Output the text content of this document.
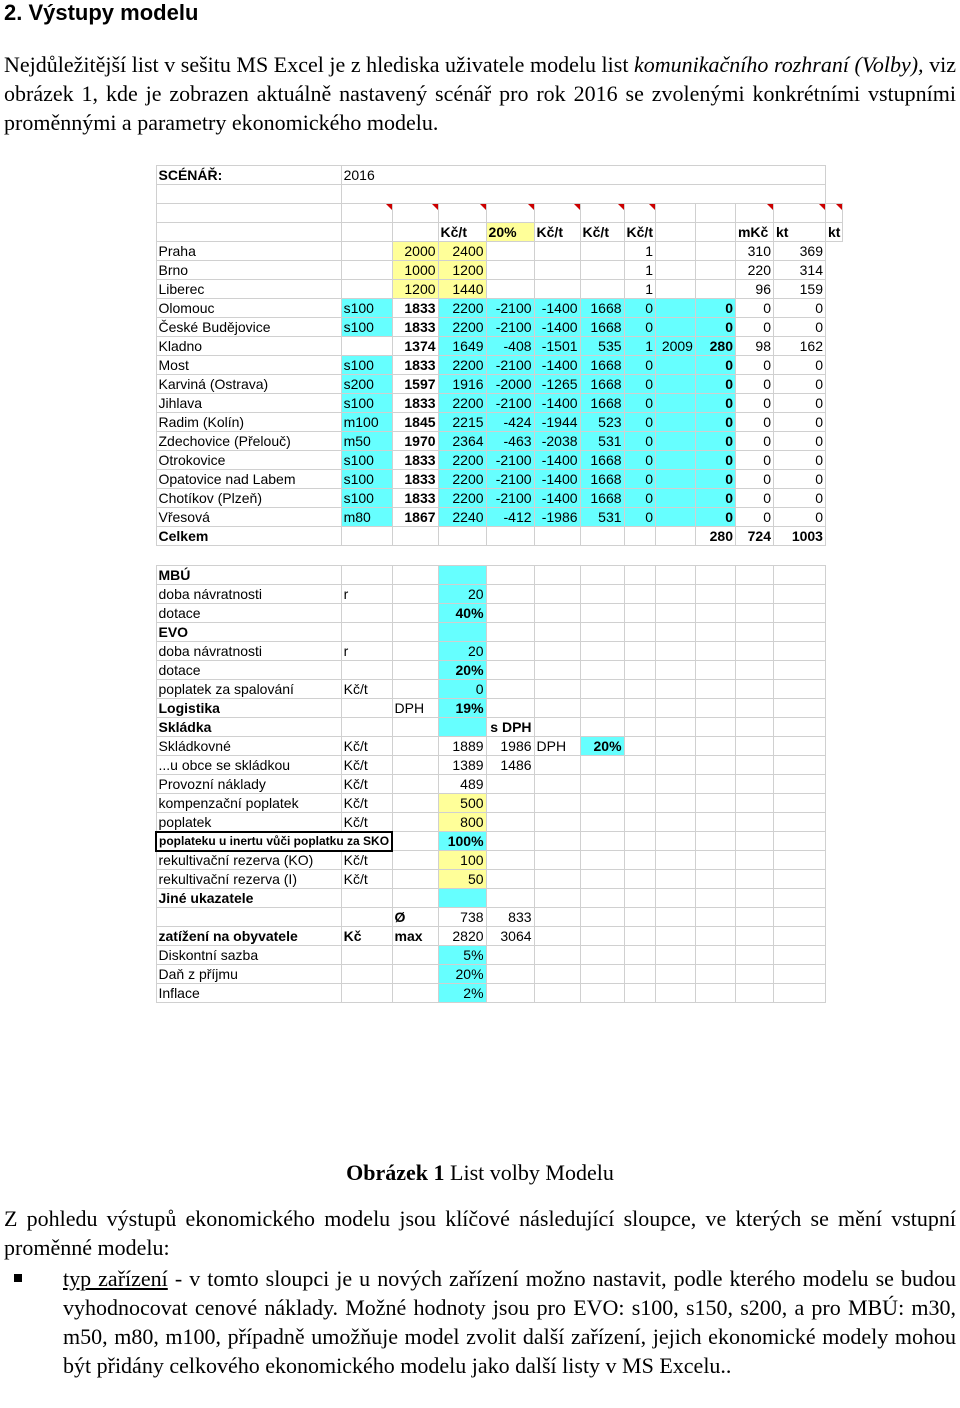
2. Výstupy modelu
Nejdůležitější list v sešitu MS Excel je z hlediska uživatele modelu list komunikačního rozhraní (Volby), viz obrázek 1, kde je zobrazen aktuálně nastavený scénář pro rok 2016 se zvolenými konkrétními vstupními proměnnými a parametry ekonomického modelu.
SCÉNÁŘ:	2016											

			Kč/t	20%	Kč/t	Kč/t	Kč/t			mKč	kt	kt
Praha		2000	2400				1			310	369	
Brno		1000	1200				1			220	314	
Liberec		1200	1440				1			96	159	
Olomouc	s100	1833	2200	-2100	-1400	1668	0		0	0	0	
České Budějovice	s100	1833	2200	-2100	-1400	1668	0		0	0	0	
Kladno		1374	1649	-408	-1501	535	1	2009	280	98	162	
Most	s100	1833	2200	-2100	-1400	1668	0		0	0	0	
Karviná (Ostrava)	s200	1597	1916	-2000	-1265	1668	0		0	0	0	
Jihlava	s100	1833	2200	-2100	-1400	1668	0		0	0	0	
Radim (Kolín)	m100	1845	2215	-424	-1944	523	0		0	0	0	
Zdechovice (Přelouč)	m50	1970	2364	-463	-2038	531	0		0	0	0	
Otrokovice	s100	1833	2200	-2100	-1400	1668	0		0	0	0	
Opatovice nad Labem	s100	1833	2200	-2100	-1400	1668	0		0	0	0	
Chotíkov (Plzeň)	s100	1833	2200	-2100	-1400	1668	0		0	0	0	
Vřesová	m80	1867	2240	-412	-1986	531	0		0	0	0	
Celkem									280	724	1003	

MBÚ												
doba návratnosti	r		20									
dotace			40%									
EVO												
doba návratnosti	r		20									
dotace			20%									
poplatek za spalování	Kč/t		0									
Logistika		DPH	19%									
Skládka				s DPH								
Skládkovné	Kč/t		1889	1986	DPH	20%						
...u obce se skládkou	Kč/t		1389	1486								
Provozní náklady	Kč/t		489									
kompenzační poplatek	Kč/t		500									
poplatek	Kč/t		800									
poplateku u inertu vůči poplatku za SKO			100%									
rekultivační rezerva (KO)	Kč/t		100									
rekultivační rezerva (I)	Kč/t		50									
Jiné ukazatele												
		Ø	738	833								
zatížení na obyvatele	Kč	max	2820	3064								
Diskontní sazba			5%									
Daň z příjmu			20%									
Inflace			2%									
Obrázek 1 List volby Modelu
Z pohledu výstupů ekonomického modelu jsou klíčové následující sloupce, ve kterých se mění vstupní proměnné modelu:
typ zařízení - v tomto sloupci je u nových zařízení možno nastavit, podle kterého modelu se budou vyhodnocovat cenové náklady. Možné hodnoty jsou pro EVO: s100, s150, s200, a pro MBÚ: m30, m50, m80, m100, případně umožňuje model zvolit další zařízení, jejich ekonomické modely mohou být přidány celkového ekonomického modelu jako další listy v MS Excelu..
